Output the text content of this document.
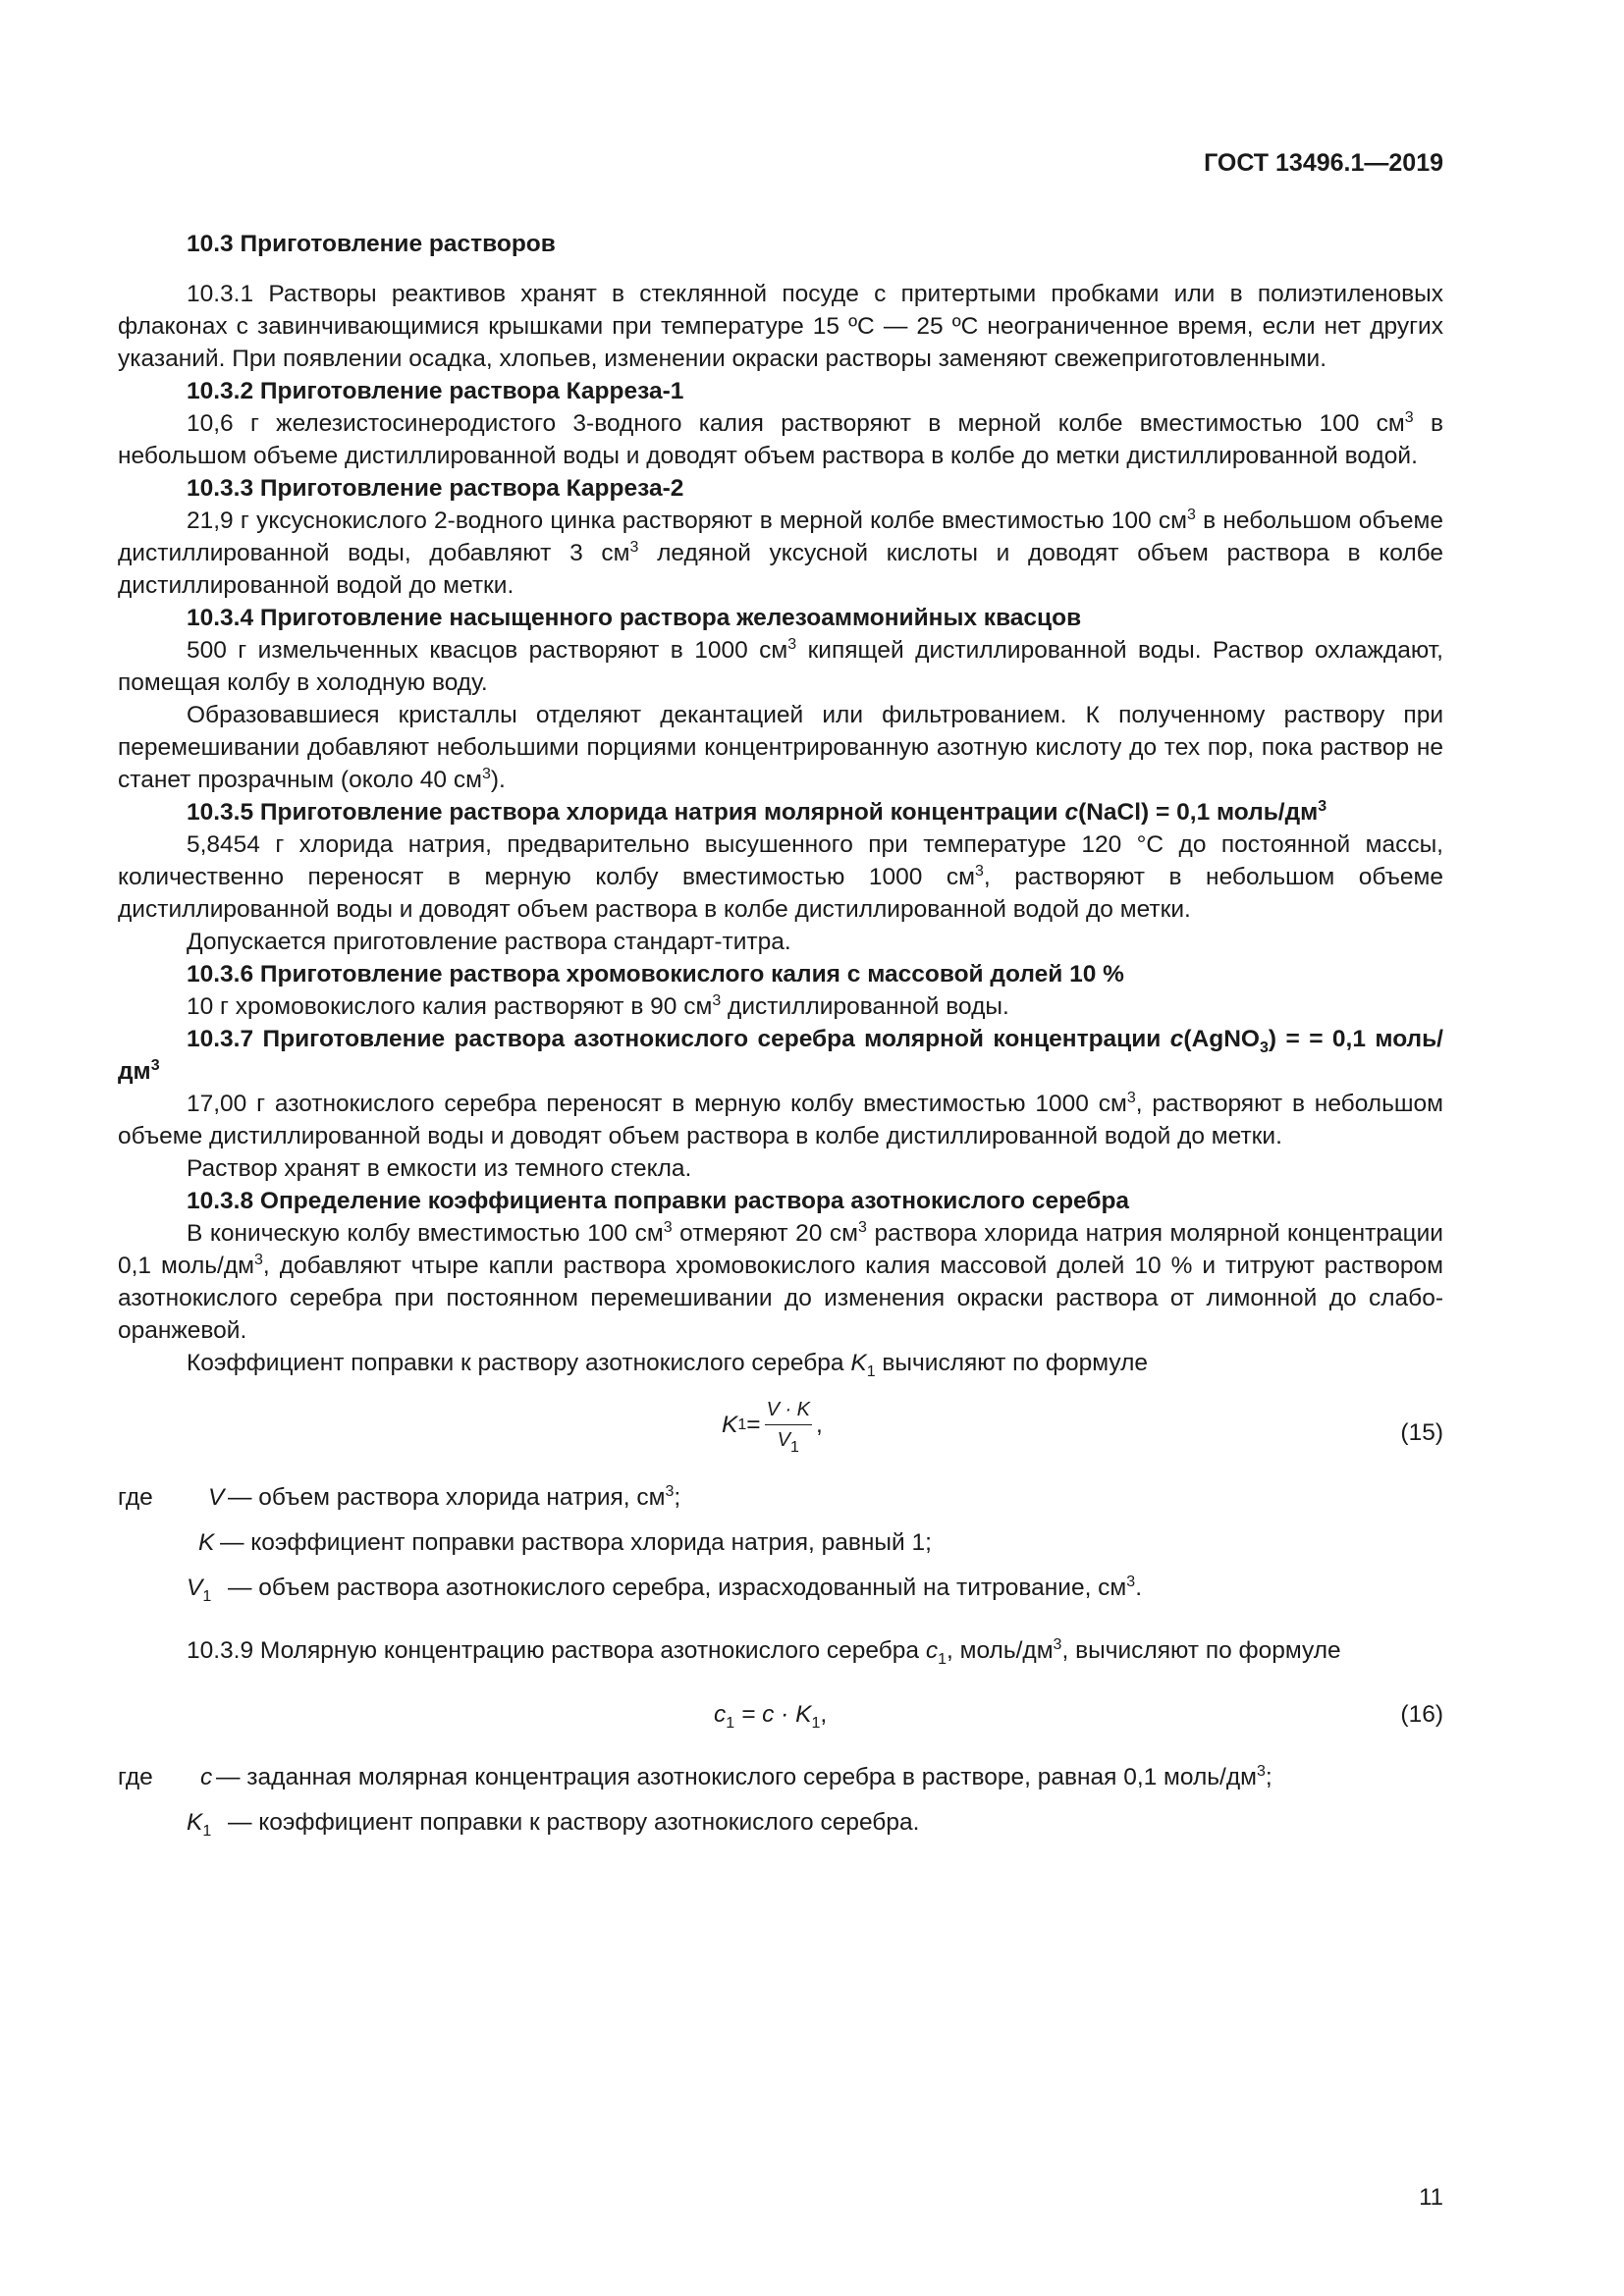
ГОСТ 13496.1—2019

10.3 Приготовление растворов

10.3.1 Растворы реактивов хранят в стеклянной посуде с притертыми пробками или в полиэтиленовых флаконах с завинчивающимися крышками при температуре 15 ºC — 25 ºC неограниченное время, если нет других указаний. При появлении осадка, хлопьев, изменении окраски растворы заменяют свежеприготовленными.

10.3.2 Приготовление раствора Карреза-1

10,6 г железистосинеродистого 3-водного калия растворяют в мерной колбе вместимостью 100 $см^3$ в небольшом объеме дистиллированной воды и доводят объем раствора в колбе до метки дистиллированной водой.

10.3.3 Приготовление раствора Карреза-2

21,9 г уксуснокислого 2-водного цинка растворяют в мерной колбе вместимостью 100 $см^3$ в небольшом объеме дистиллированной воды, добавляют 3 $см^3$ ледяной уксусной кислоты и доводят объем раствора в колбе дистиллированной водой до метки.

10.3.4 Приготовление насыщенного раствора железоаммонийных квасцов

500 г измельченных квасцов растворяют в 1000 $см^3$ кипящей дистиллированной воды. Раствор охлаждают, помещая колбу в холодную воду.

Образовавшиеся кристаллы отделяют декантацией или фильтрованием. К полученному раствору при перемешивании добавляют небольшими порциями концентрированную азотную кислоту до тех пор, пока раствор не станет прозрачным (около 40 $см^3$).

10.3.5 Приготовление раствора хлорида натрия молярной концентрации c(NaCl) = 0,1 моль/$дм^3$

5,8454 г хлорида натрия, предварительно высушенного при температуре 120 °C до постоянной массы, количественно переносят в мерную колбу вместимостью 1000 $см^3$, растворяют в небольшом объеме дистиллированной воды и доводят объем раствора в колбе дистиллированной водой до метки.

Допускается приготовление раствора стандарт-титра.

10.3.6 Приготовление раствора хромовокислого калия с массовой долей 10 %

10 г хромовокислого калия растворяют в 90 $см^3$ дистиллированной воды.

10.3.7 Приготовление раствора азотнокислого серебра молярной концентрации c(AgNO$_3$) = = 0,1 моль/$дм^3$

17,00 г азотнокислого серебра переносят в мерную колбу вместимостью 1000 $см^3$, растворяют в небольшом объеме дистиллированной воды и доводят объем раствора в колбе дистиллированной водой до метки.

Раствор хранят в емкости из темного стекла.

10.3.8 Определение коэффициента поправки раствора азотнокислого серебра

В коническую колбу вместимостью 100 $см^3$ отмеряют 20 $см^3$ раствора хлорида натрия молярной концентрации 0,1 моль/$дм^3$, добавляют чтыре капли раствора хромовокислого калия массовой долей 10 % и титруют раствором азотнокислого серебра при постоянном перемешивании до изменения окраски раствора от лимонной до слабо-оранжевой.

Коэффициент поправки к раствору азотнокислого серебра $K_1$ вычисляют по формуле

K $1 = \frac{V \cdot K}{V_1}$ ,	(15)
где V — объем раствора хлорида натрия, $см^3$;
K — коэффициент поправки раствора хлорида натрия, равный 1;
$V_1$ — объем раствора азотнокислого серебра, израсходованный на титрование, $см^3$.

10.3.9 Молярную концентрацию раствора азотнокислого серебра $c_1$, моль/$дм^3$, вычисляют по формуле

$c_1 = c \cdot K_1$,	(16)
где c — заданная молярная концентрация азотнокислого серебра в растворе, равная 0,1 моль/$дм^3$;
$K_1$ — коэффициент поправки к раствору азотнокислого серебра.
11
